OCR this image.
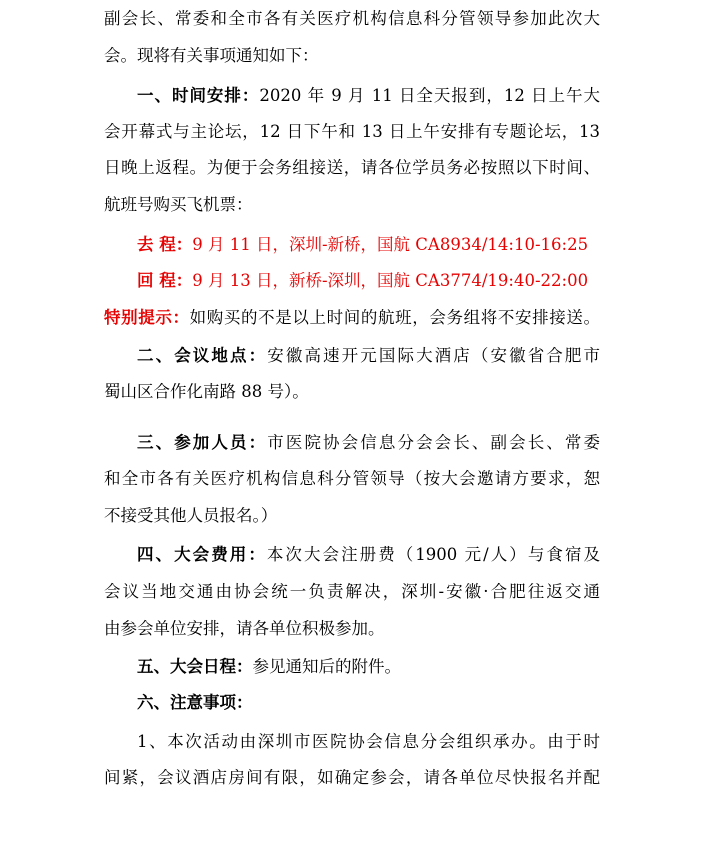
副会长、常委和全市各有关医疗机构信息科分管领导参加此次大
会。现将有关事项通知如下：
一、时间安排：2020 年 9 月 11 日全天报到，12 日上午大
会开幕式与主论坛，12 日下午和 13 日上午安排有专题论坛，13
日晚上返程。为便于会务组接送，请各位学员务必按照以下时间、
航班号购买飞机票：
去 程：9 月 11 日，深圳-新桥，国航 CA8934/14:10-16:25
回 程：9 月 13 日，新桥-深圳，国航 CA3774/19:40-22:00
特别提示：如购买的不是以上时间的航班，会务组将不安排接送。
二、会议地点：安徽高速开元国际大酒店（安徽省合肥市
蜀山区合作化南路 88 号）。
三、参加人员：市医院协会信息分会会长、副会长、常委
和全市各有关医疗机构信息科分管领导（按大会邀请方要求，恕
不接受其他人员报名。）
四、大会费用：本次大会注册费（1900 元/人）与食宿及
会议当地交通由协会统一负责解决，深圳-安徽·合肥往返交通
由参会单位安排，请各单位积极参加。
五、大会日程：参见通知后的附件。
六、注意事项：
1、本次活动由深圳市医院协会信息分会组织承办。由于时
间紧，会议酒店房间有限，如确定参会，请各单位尽快报名并配
